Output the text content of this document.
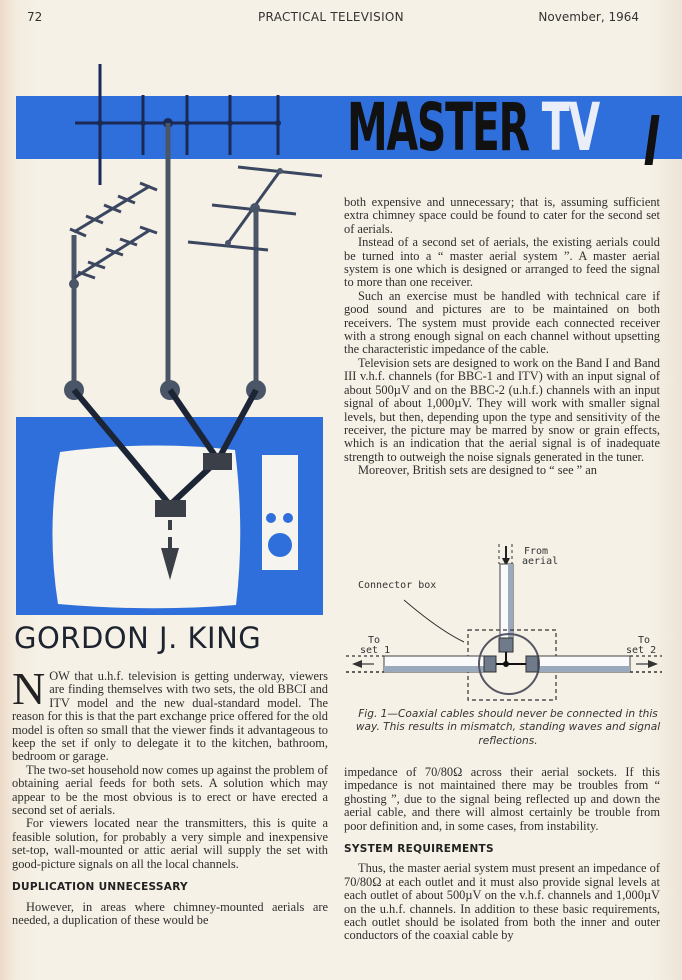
72	PRACTICAL TELEVISION	November, 1964
MASTER TV
GORDON J. KING

NOW that u.h.f. television is getting underway, viewers are finding themselves with two sets, the old BBCI and ITV model and the new dual-standard model. The reason for this is that the part exchange price offered for the old model is often so small that the viewer finds it advantageous to keep the set if only to delegate it to the kitchen, bathroom, bedroom or garage.

The two-set household now comes up against the problem of obtaining aerial feeds for both sets. A solution which may appear to be the most obvious is to erect or have erected a second set of aerials.

For viewers located near the transmitters, this is quite a feasible solution, for probably a very simple and inexpensive set-top, wall-mounted or attic aerial will supply the set with good-picture signals on all the local channels.

DUPLICATION UNNECESSARY

However, in areas where chimney-mounted aerials are needed, a duplication of these would be

both expensive and unnecessary; that is, assuming sufficient extra chimney space could be found to cater for the second set of aerials.

Instead of a second set of aerials, the existing aerials could be turned into a “ master aerial system ”. A master aerial system is one which is designed or arranged to feed the signal to more than one receiver.

Such an exercise must be handled with technical care if good sound and pictures are to be maintained on both receivers. The system must provide each connected receiver with a strong enough signal on each channel without upsetting the characteristic impedance of the cable.

Television sets are designed to work on the Band I and Band III v.h.f. channels (for BBC-1 and ITV) with an input signal of about 500µV and on the BBC-2 (u.h.f.) channels with an input signal of about 1,000µV. They will work with smaller signal levels, but then, depending upon the type and sensitivity of the receiver, the picture may be marred by snow or grain effects, which is an indication that the aerial signal is of inadequate strength to outweigh the noise signals generated in the tuner.

Moreover, British sets are designed to “ see ” an

From
aerial
Connector box
To
set 1
To
set 2
Fig. 1—Coaxial cables should never be connected in this way. This results in mismatch, standing waves and signal reflections.

impedance of 70/80Ω across their aerial sockets. If this impedance is not maintained there may be troubles from “ ghosting ”, due to the signal being reflected up and down the aerial cable, and there will almost certainly be trouble from poor definition and, in some cases, from instability.

SYSTEM REQUIREMENTS

Thus, the master aerial system must present an impedance of 70/80Ω at each outlet and it must also provide signal levels at each outlet of about 500µV on the v.h.f. channels and 1,000µV on the u.h.f. channels. In addition to these basic requirements, each outlet should be isolated from both the inner and outer conductors of the coaxial cable by
